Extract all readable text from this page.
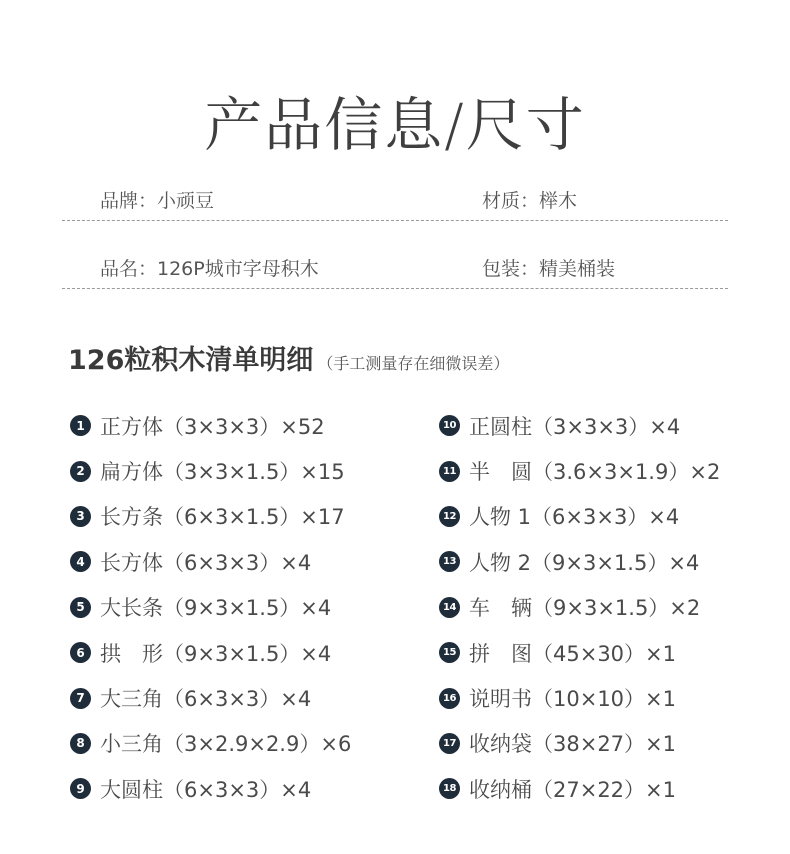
产品信息/尺寸
品牌：小顽豆	材质：榉木
品名：126P城市字母积木	包装：精美桶装
126粒积木清单明细 （手工测量存在细微误差）
1 正方体（3×3×3）×52
2 扁方体（3×3×1.5）×15
3 长方条（6×3×1.5）×17
4 长方体（6×3×3）×4
5 大长条（9×3×1.5）×4
6 拱　形（9×3×1.5）×4
7 大三角（6×3×3）×4
8 小三角（3×2.9×2.9）×6
9 大圆柱（6×3×3）×4
10 正圆柱（3×3×3）×4
11 半　圆（3.6×3×1.9）×2
12 人物 1（6×3×3）×4
13 人物 2（9×3×1.5）×4
14 车　辆（9×3×1.5）×2
15 拼　图（45×30）×1
16 说明书（10×10）×1
17 收纳袋（38×27）×1
18 收纳桶（27×22）×1
